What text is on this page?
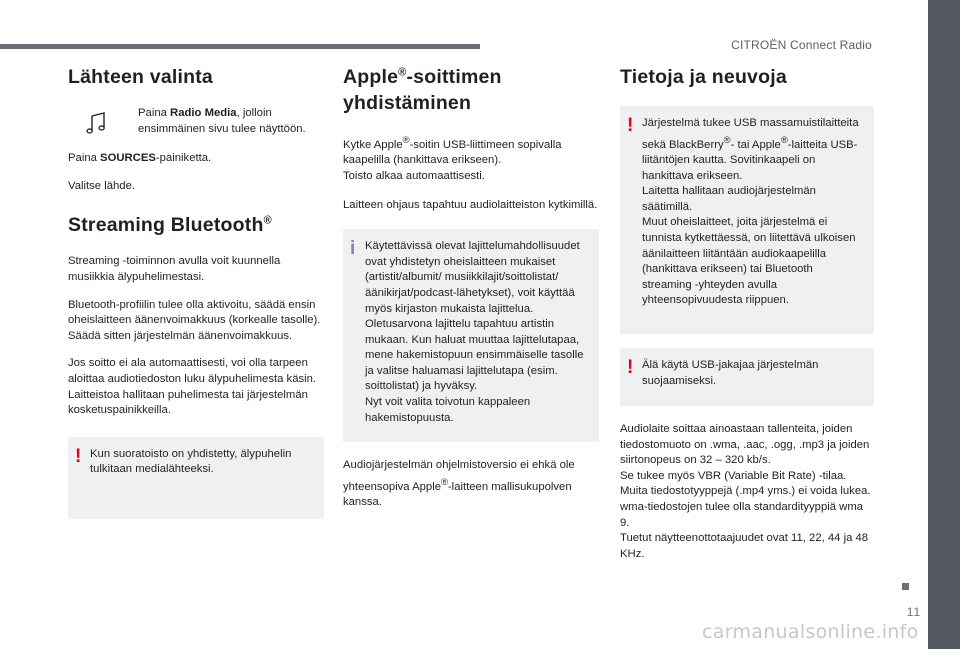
CITROËN Connect Radio
11
carmanualsonline.info
Lähteen valinta

Paina Radio Media, jolloin ensimmäinen sivu tulee näyttöön.

Paina SOURCES-painiketta.

Valitse lähde.

Streaming Bluetooth®

Streaming -toiminnon avulla voit kuunnella musiikkia älypuhelimestasi.

Bluetooth-profiilin tulee olla aktivoitu, säädä ensin oheislaitteen äänenvoimakkuus (korkealle tasolle).
Säädä sitten järjestelmän äänenvoimakkuus.

Jos soitto ei ala automaattisesti, voi olla tarpeen aloittaa audiotiedoston luku älypuhelimesta käsin.
Laitteistoa hallitaan puhelimesta tai järjestelmän kosketuspainikkeilla.

! Kun suoratoisto on yhdistetty, älypuhelin tulkitaan medialähteeksi.

Apple®-soittimen yhdistäminen

Kytke Apple®-soitin USB-liittimeen sopivalla kaapelilla (hankittava erikseen).
Toisto alkaa automaattisesti.

Laitteen ohjaus tapahtuu audiolaitteiston kytkimillä.

i Käytettävissä olevat lajittelumahdollisuudet ovat yhdistetyn oheislaitteen mukaiset (artistit/albumit/ musiikkilajit/soittolistat/äänikirjat/podcast-lähetykset), voit käyttää myös kirjaston mukaista lajittelua.
Oletusarvona lajittelu tapahtuu artistin mukaan. Kun haluat muuttaa lajittelutapaa, mene hakemistopuun ensimmäiselle tasolle ja valitse haluamasi lajittelutapa (esim. soittolistat) ja hyväksy.
Nyt voit valita toivotun kappaleen hakemistopuusta.

Audiojärjestelmän ohjelmistoversio ei ehkä ole yhteensopiva Apple®-laitteen mallisukupolven kanssa.

Tietoja ja neuvoja
! Järjestelmä tukee USB massamuistilaitteita sekä BlackBerry®- tai Apple®-laitteita USB-liitäntöjen kautta. Sovitinkaapeli on hankittava erikseen.
Laitetta hallitaan audiojärjestelmän säätimillä.
Muut oheislaitteet, joita järjestelmä ei tunnista kytkettäessä, on liitettävä ulkoisen äänilaitteen liitäntään audiokaapelilla (hankittava erikseen) tai Bluetooth streaming -yhteyden avulla yhteensopivuudesta riippuen.

! Älä käytä USB-jakajaa järjestelmän suojaamiseksi.

Audiolaite soittaa ainoastaan tallenteita, joiden tiedostomuoto on .wma, .aac, .ogg, .mp3 ja joiden siirtonopeus on 32 – 320 kb/s.
Se tukee myös VBR (Variable Bit Rate) -tilaa.
Muita tiedostotyyppejä (.mp4 yms.) ei voida lukea.
wma-tiedostojen tulee olla standardityyppiä wma 9.
Tuetut näytteenottotaajuudet ovat 11, 22, 44 ja 48 KHz.
